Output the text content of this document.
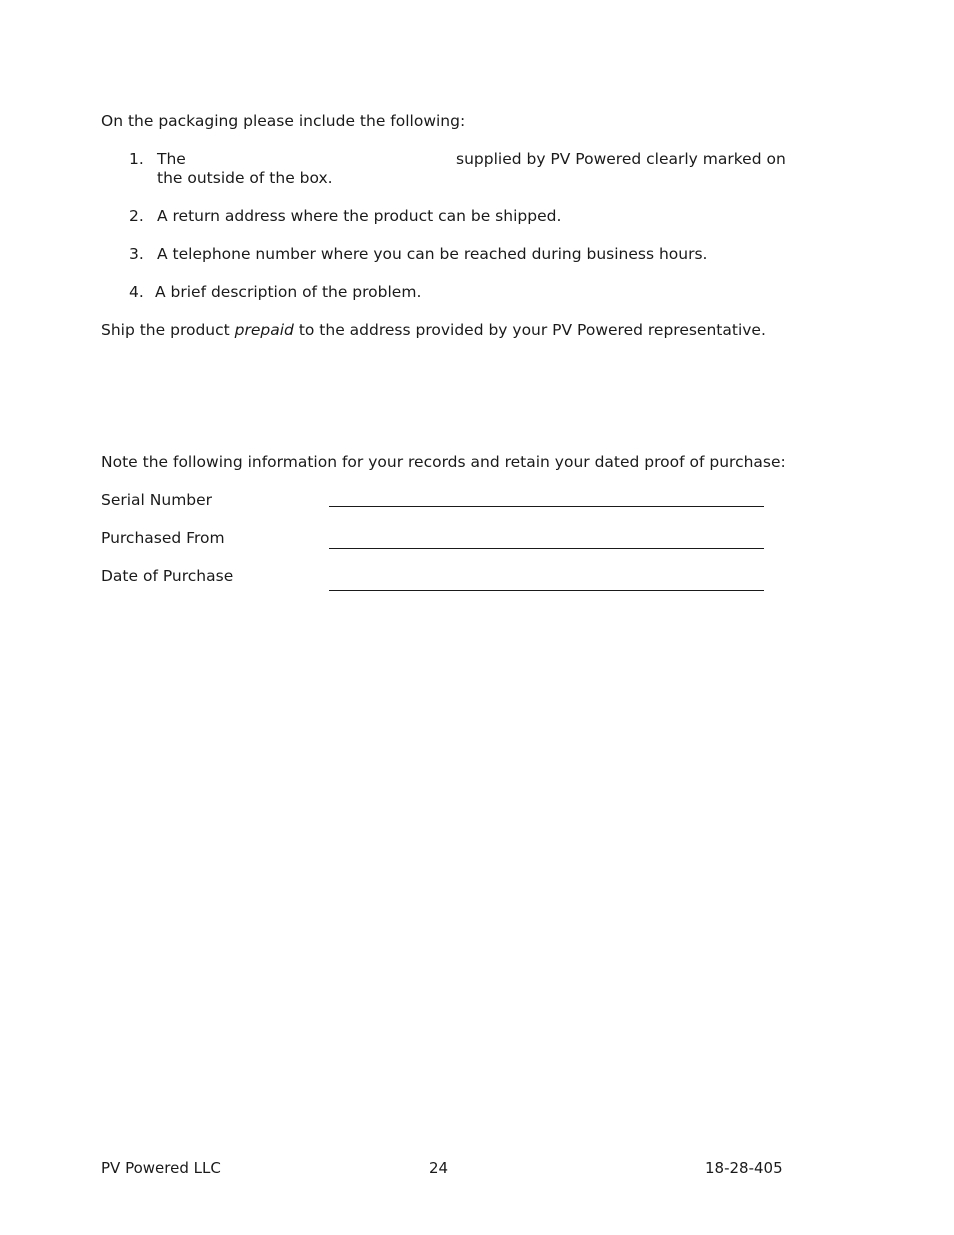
On the packaging please include the following:
1. The	supplied by PV Powered clearly marked on
the outside of the box.
2. A return address where the product can be shipped.
3. A telephone number where you can be reached during business hours.
4. A brief description of the problem.
Ship the product prepaid to the address provided by your PV Powered representative.
Note the following information for your records and retain your dated proof of purchase:
Serial Number
Purchased From
Date of Purchase
PV Powered LLC	24	18-28-405
